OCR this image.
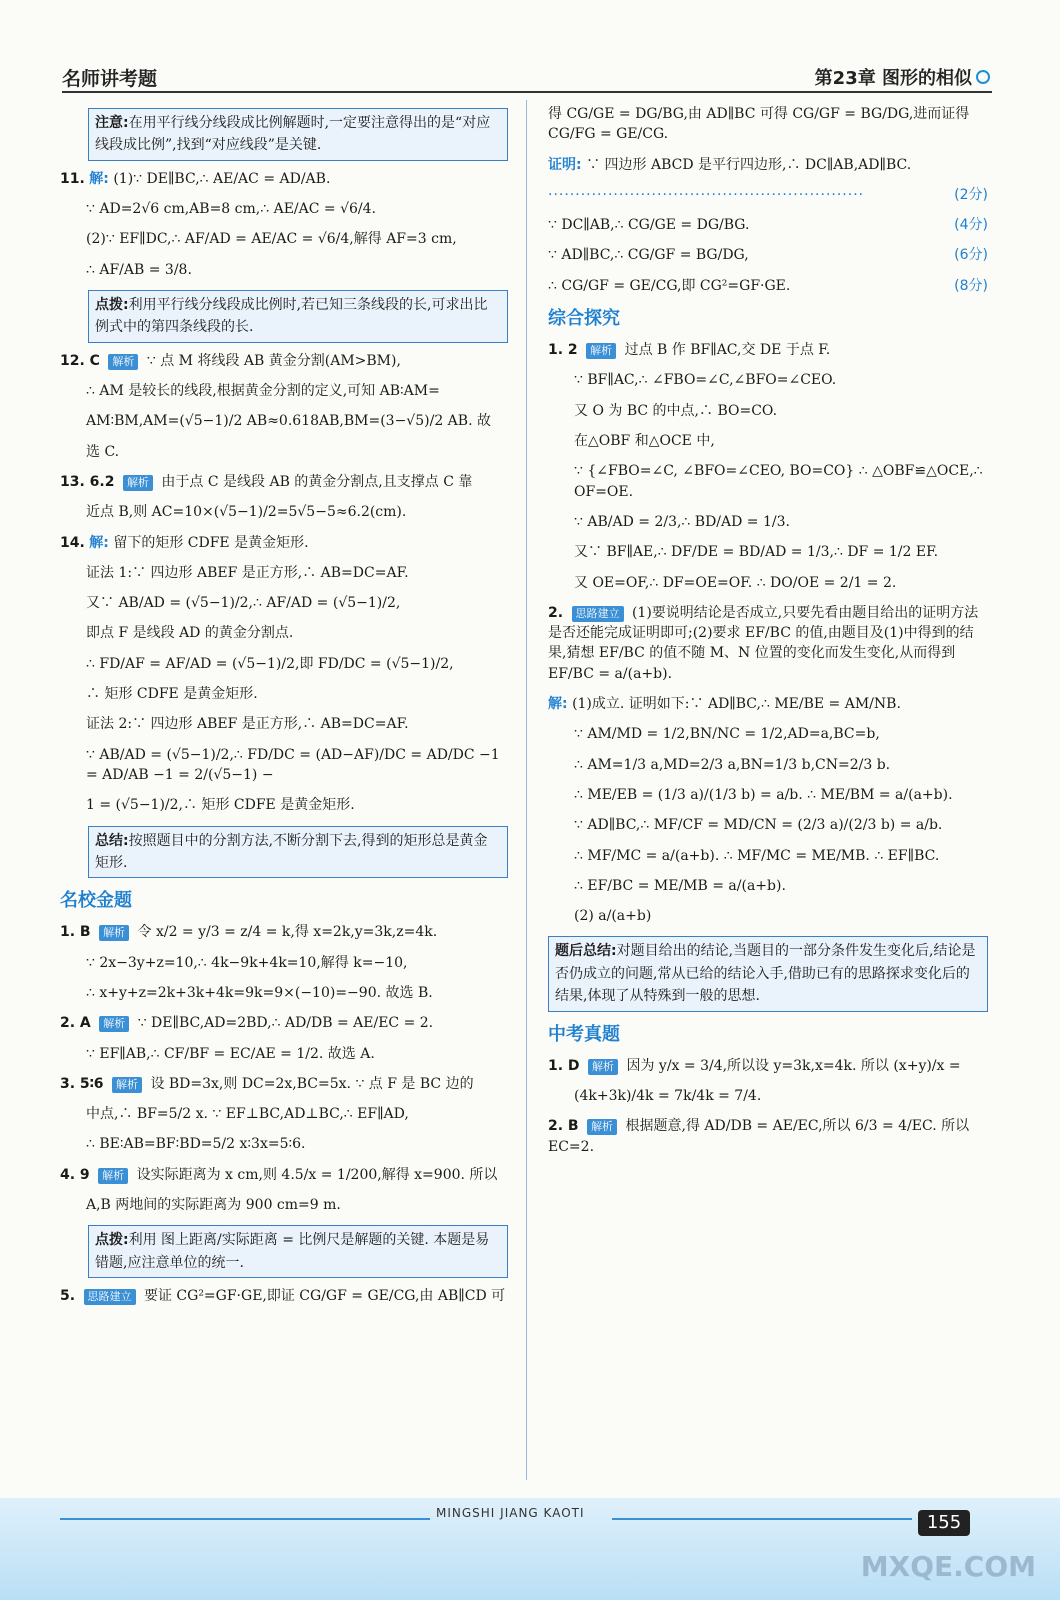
名师讲考题	第23章 图形的相似
注意:在用平行线分线段成比例解题时,一定要注意得出的是“对应线段成比例”,找到“对应线段”是关键.
11. 解: (1)∵ DE∥BC,∴ AE/AC = AD/AB.
∵ AD=2√6 cm,AB=8 cm,∴ AE/AC = √6/4.
(2)∵ EF∥DC,∴ AF/AD = AE/AC = √6/4,解得 AF=3 cm,
∴ AF/AB = 3/8.
点拨:利用平行线分线段成比例时,若已知三条线段的长,可求出比例式中的第四条线段的长.
12. C 解析 ∵ 点 M 将线段 AB 黄金分割(AM>BM),
∴ AM 是较长的线段,根据黄金分割的定义,可知 AB∶AM=
AM∶BM,AM=(√5−1)/2 AB≈0.618AB,BM=(3−√5)/2 AB. 故
选 C.
13. 6.2 解析 由于点 C 是线段 AB 的黄金分割点,且支撑点 C 靠
近点 B,则 AC=10×(√5−1)/2=5√5−5≈6.2(cm).
14. 解: 留下的矩形 CDFE 是黄金矩形.
证法 1:∵ 四边形 ABEF 是正方形,∴ AB=DC=AF.
又∵ AB/AD = (√5−1)/2,∴ AF/AD = (√5−1)/2,
即点 F 是线段 AD 的黄金分割点.
∴ FD/AF = AF/AD = (√5−1)/2,即 FD/DC = (√5−1)/2,
∴ 矩形 CDFE 是黄金矩形.
证法 2:∵ 四边形 ABEF 是正方形,∴ AB=DC=AF.
∵ AB/AD = (√5−1)/2,∴ FD/DC = (AD−AF)/DC = AD/DC −1 = AD/AB −1 = 2/(√5−1) −
1 = (√5−1)/2,∴ 矩形 CDFE 是黄金矩形.
总结:按照题目中的分割方法,不断分割下去,得到的矩形总是黄金矩形.
名校金题
1. B 解析 令 x/2 = y/3 = z/4 = k,得 x=2k,y=3k,z=4k.
∵ 2x−3y+z=10,∴ 4k−9k+4k=10,解得 k=−10,
∴ x+y+z=2k+3k+4k=9k=9×(−10)=−90. 故选 B.
2. A 解析 ∵ DE∥BC,AD=2BD,∴ AD/DB = AE/EC = 2.
∵ EF∥AB,∴ CF/BF = EC/AE = 1/2. 故选 A.
3. 5∶6 解析 设 BD=3x,则 DC=2x,BC=5x. ∵ 点 F 是 BC 边的
中点,∴ BF=5/2 x. ∵ EF⊥BC,AD⊥BC,∴ EF∥AD,
∴ BE∶AB=BF∶BD=5/2 x∶3x=5∶6.
4. 9 解析 设实际距离为 x cm,则 4.5/x = 1/200,解得 x=900. 所以
A,B 两地间的实际距离为 900 cm=9 m.
点拨:利用 图上距离/实际距离 = 比例尺是解题的关键. 本题是易错题,应注意单位的统一.
5. 思路建立 要证 CG²=GF·GE,即证 CG/GF = GE/CG,由 AB∥CD 可
得 CG/GE = DG/BG,由 AD∥BC 可得 CG/GF = BG/DG,进而证得 CG/FG = GE/CG.
证明: ∵ 四边形 ABCD 是平行四边形,∴ DC∥AB,AD∥BC.
··························································	(2分)
∵ DC∥AB,∴ CG/GE = DG/BG.	(4分)
∵ AD∥BC,∴ CG/GF = BG/DG,	(6分)
∴ CG/GF = GE/CG,即 CG²=GF·GE.	(8分)
综合探究
1. 2 解析 过点 B 作 BF∥AC,交 DE 于点 F.
∵ BF∥AC,∴ ∠FBO=∠C,∠BFO=∠CEO.
又 O 为 BC 的中点,∴ BO=CO.
在△OBF 和△OCE 中,
∵ {∠FBO=∠C, ∠BFO=∠CEO, BO=CO} ∴ △OBF≌△OCE,∴ OF=OE.
∵ AB/AD = 2/3,∴ BD/AD = 1/3.
又∵ BF∥AE,∴ DF/DE = BD/AD = 1/3,∴ DF = 1/2 EF.
又 OE=OF,∴ DF=OE=OF. ∴ DO/OE = 2/1 = 2.
2. 思路建立 (1)要说明结论是否成立,只要先看由题目给出的证明方法是否还能完成证明即可;(2)要求 EF/BC 的值,由题目及(1)中得到的结果,猜想 EF/BC 的值不随 M、N 位置的变化而发生变化,从而得到 EF/BC = a/(a+b).
解: (1)成立. 证明如下:∵ AD∥BC,∴ ME/BE = AM/NB.
∵ AM/MD = 1/2,BN/NC = 1/2,AD=a,BC=b,
∴ AM=1/3 a,MD=2/3 a,BN=1/3 b,CN=2/3 b.
∴ ME/EB = (1/3 a)/(1/3 b) = a/b. ∴ ME/BM = a/(a+b).
∵ AD∥BC,∴ MF/CF = MD/CN = (2/3 a)/(2/3 b) = a/b.
∴ MF/MC = a/(a+b). ∴ MF/MC = ME/MB. ∴ EF∥BC.
∴ EF/BC = ME/MB = a/(a+b).
(2) a/(a+b)
题后总结:对题目给出的结论,当题目的一部分条件发生变化后,结论是否仍成立的问题,常从已给的结论入手,借助已有的思路探求变化后的结果,体现了从特殊到一般的思想.
中考真题
1. D 解析 因为 y/x = 3/4,所以设 y=3k,x=4k. 所以 (x+y)/x =
(4k+3k)/4k = 7k/4k = 7/4.
2. B 解析 根据题意,得 AD/DB = AE/EC,所以 6/3 = 4/EC. 所以 EC=2.
MINGSHI JIANG KAOTI	155
MXQE.COM
